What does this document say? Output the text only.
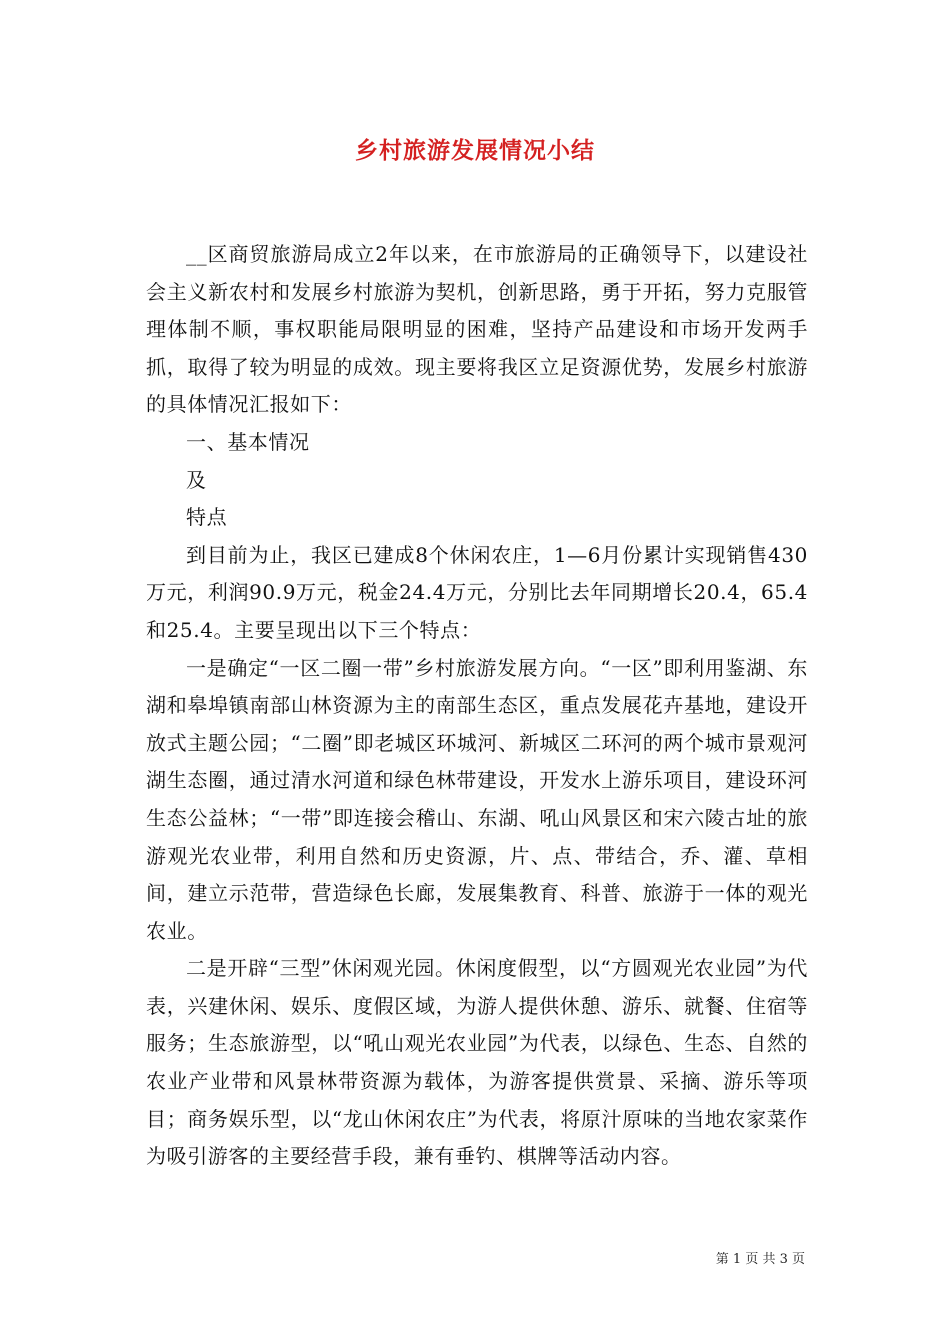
乡村旅游发展情况小结

__区商贸旅游局成立2年以来，在市旅游局的正确领导下，以建设社会主义新农村和发展乡村旅游为契机，创新思路，勇于开拓，努力克服管理体制不顺，事权职能局限明显的困难，坚持产品建设和市场开发两手抓，取得了较为明显的成效。现主要将我区立足资源优势，发展乡村旅游的具体情况汇报如下：

一、基本情况

及

特点

到目前为止，我区已建成8个休闲农庄，1—6月份累计实现销售430万元，利润90.9万元，税金24.4万元，分别比去年同期增长20.4，65.4和25.4。主要呈现出以下三个特点：

一是确定“一区二圈一带”乡村旅游发展方向。“一区”即利用鉴湖、东湖和皋埠镇南部山林资源为主的南部生态区，重点发展花卉基地，建设开放式主题公园；“二圈”即老城区环城河、新城区二环河的两个城市景观河湖生态圈，通过清水河道和绿色林带建设，开发水上游乐项目，建设环河生态公益林；“一带”即连接会稽山、东湖、吼山风景区和宋六陵古址的旅游观光农业带，利用自然和历史资源，片、点、带结合，乔、灌、草相间，建立示范带，营造绿色长廊，发展集教育、科普、旅游于一体的观光农业。

二是开辟“三型”休闲观光园。休闲度假型，以“方圆观光农业园”为代表，兴建休闲、娱乐、度假区域，为游人提供休憩、游乐、就餐、住宿等服务；生态旅游型，以“吼山观光农业园”为代表，以绿色、生态、自然的农业产业带和风景林带资源为载体，为游客提供赏景、采摘、游乐等项目；商务娱乐型，以“龙山休闲农庄”为代表，将原汁原味的当地农家菜作为吸引游客的主要经营手段，兼有垂钓、棋牌等活动内容。

第 1 页 共 3 页
